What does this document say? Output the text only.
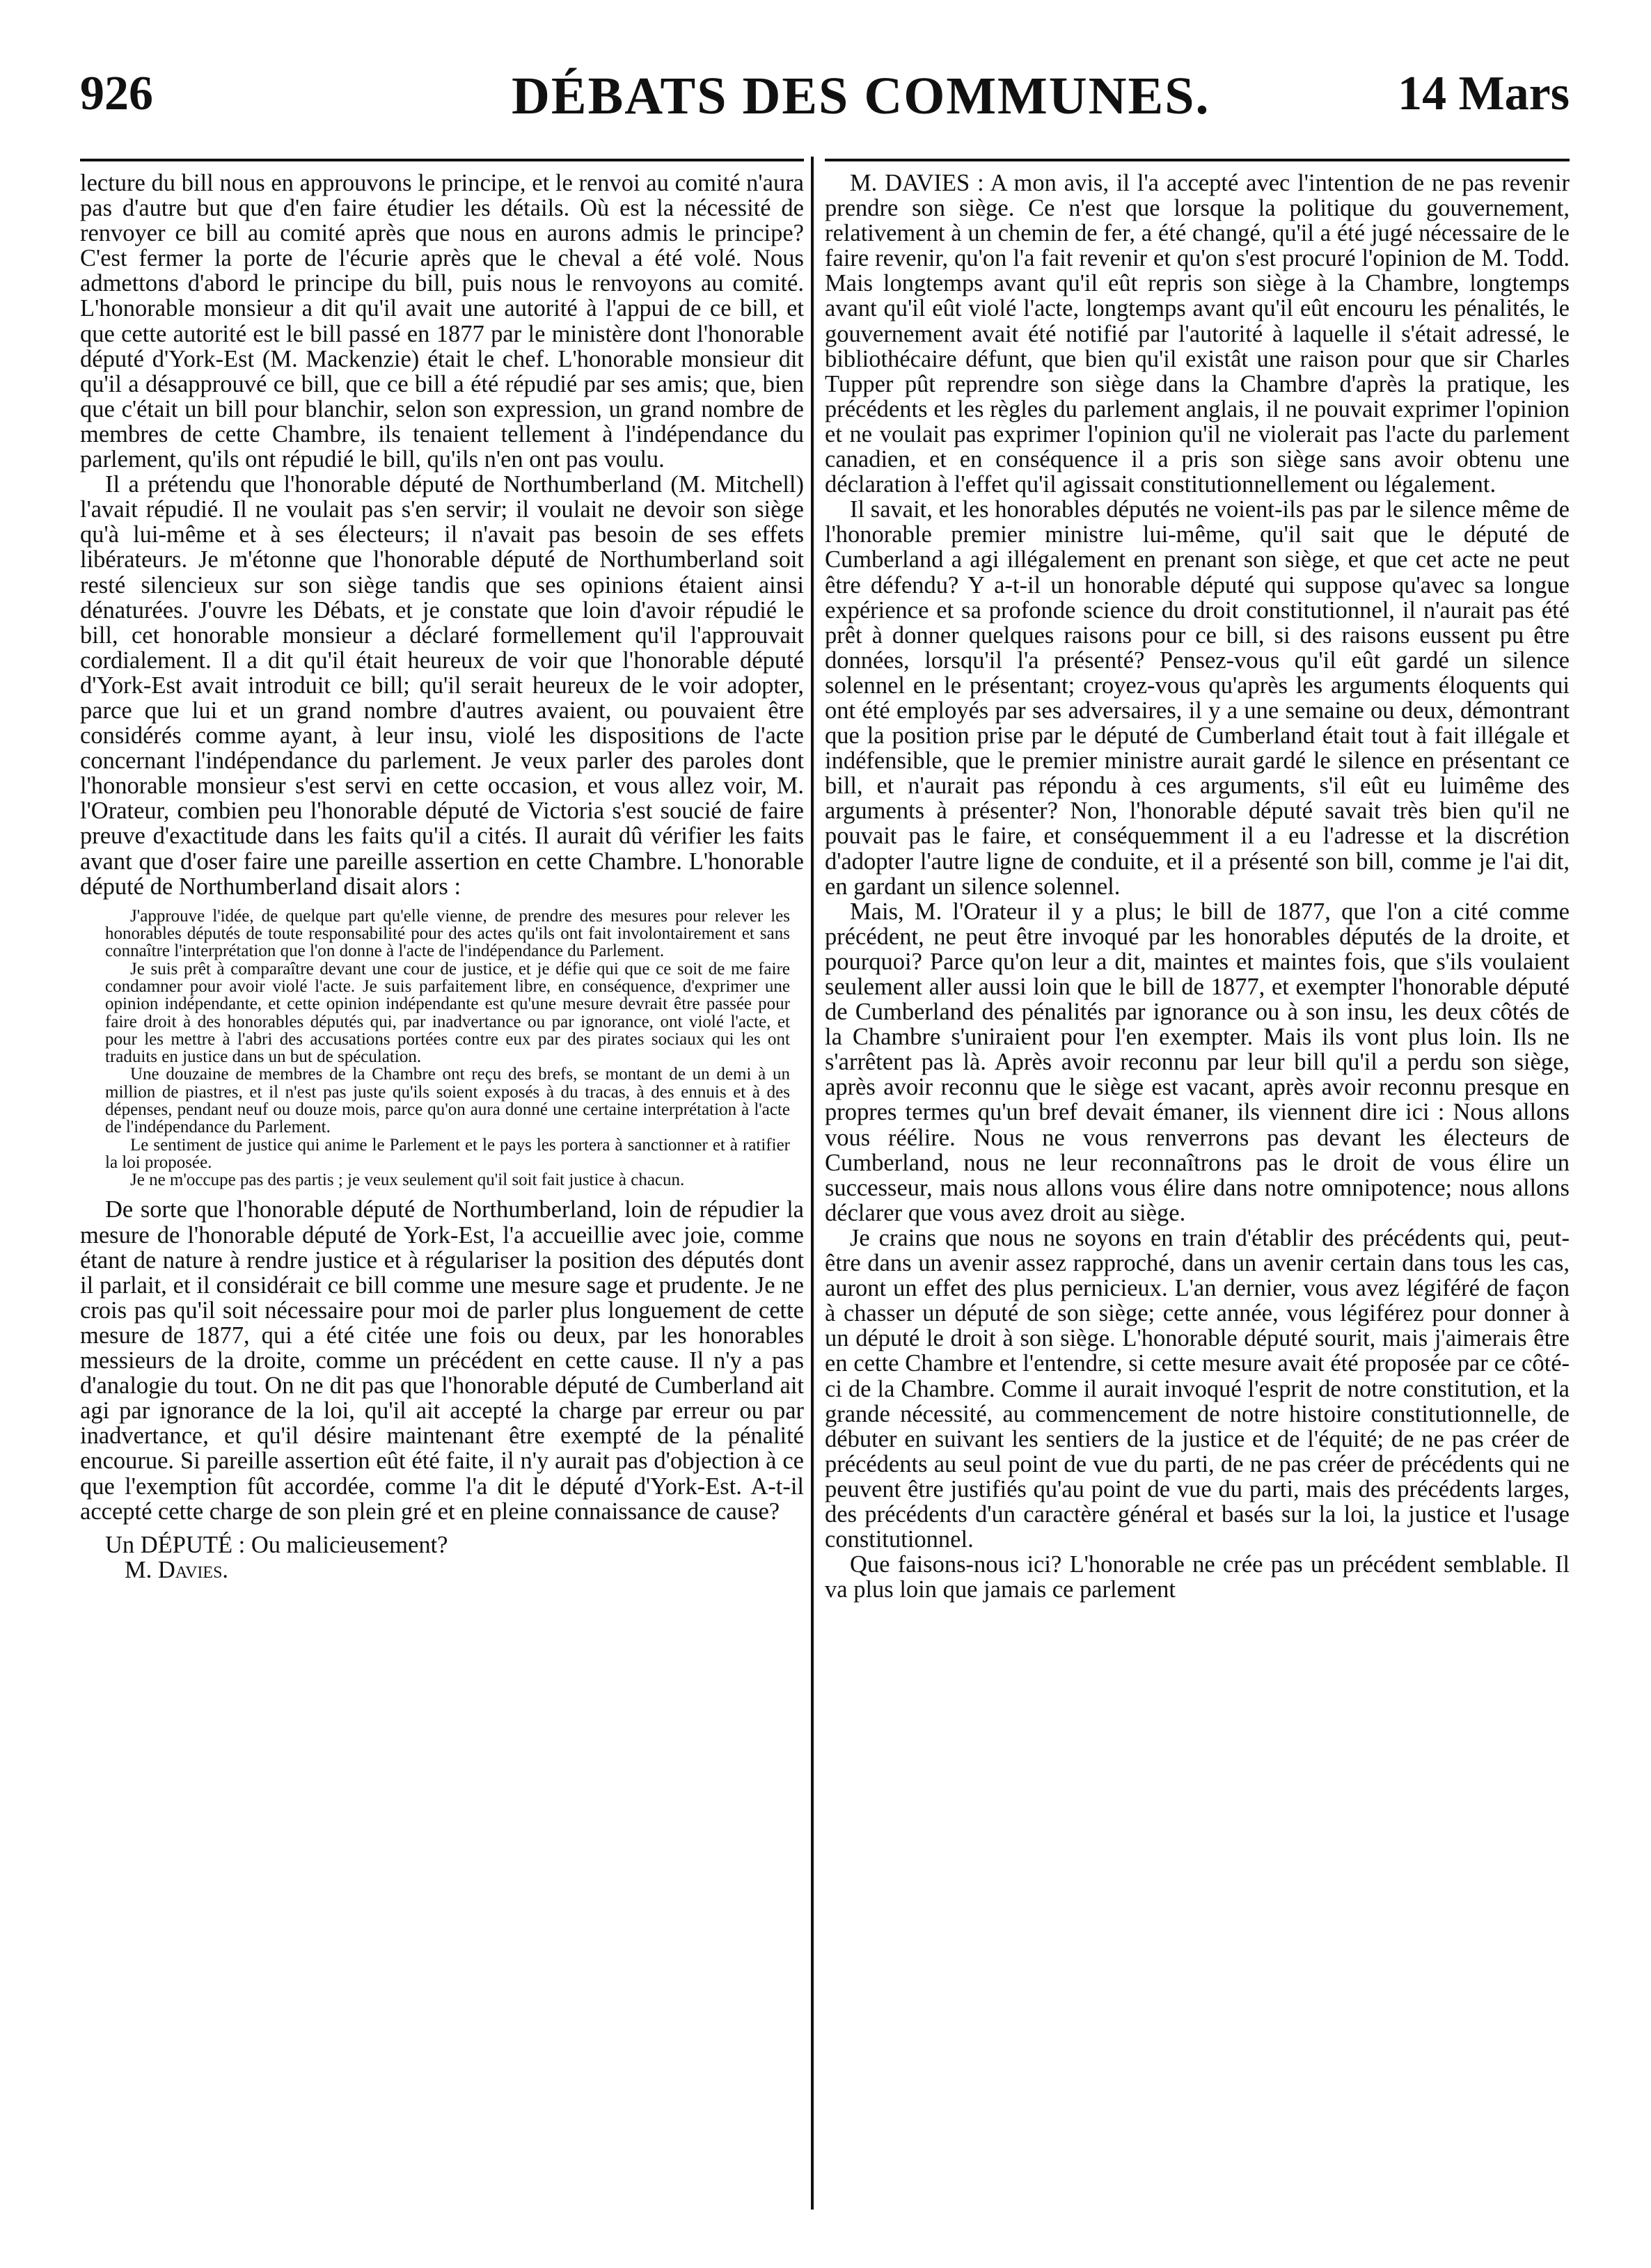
926	DÉBATS DES COMMUNES.	14 Mars

lecture du bill nous en approuvons le principe, et le renvoi au comité n'aura pas d'autre but que d'en faire étudier les détails. Où est la nécessité de renvoyer ce bill au comité après que nous en aurons admis le principe? C'est fermer la porte de l'écurie après que le cheval a été volé. Nous admettons d'abord le principe du bill, puis nous le renvoyons au comité. L'honorable monsieur a dit qu'il avait une autorité à l'appui de ce bill, et que cette autorité est le bill passé en 1877 par le ministère dont l'honorable député d'York-Est (M. Mackenzie) était le chef. L'honorable monsieur dit qu'il a désapprouvé ce bill, que ce bill a été répudié par ses amis; que, bien que c'était un bill pour blanchir, selon son expression, un grand nombre de membres de cette Chambre, ils tenaient tellement à l'indépendance du parlement, qu'ils ont répudié le bill, qu'ils n'en ont pas voulu.

Il a prétendu que l'honorable député de Northumberland (M. Mitchell) l'avait répudié. Il ne voulait pas s'en servir; il voulait ne devoir son siège qu'à lui-même et à ses électeurs; il n'avait pas besoin de ses effets libérateurs. Je m'étonne que l'honorable député de Northumberland soit resté silencieux sur son siège tandis que ses opinions étaient ainsi dénaturées. J'ouvre les Débats, et je constate que loin d'avoir répudié le bill, cet honorable monsieur a déclaré formellement qu'il l'approuvait cordialement. Il a dit qu'il était heureux de voir que l'honorable député d'York-Est avait introduit ce bill; qu'il serait heureux de le voir adopter, parce que lui et un grand nombre d'autres avaient, ou pouvaient être considérés comme ayant, à leur insu, violé les dispositions de l'acte concernant l'indépendance du parlement. Je veux parler des paroles dont l'honorable monsieur s'est servi en cette occasion, et vous allez voir, M. l'Orateur, combien peu l'honorable député de Victoria s'est soucié de faire preuve d'exactitude dans les faits qu'il a cités. Il aurait dû vérifier les faits avant que d'oser faire une pareille assertion en cette Chambre. L'honorable député de Northumberland disait alors :

J'approuve l'idée, de quelque part qu'elle vienne, de prendre des mesures pour relever les honorables députés de toute responsabilité pour des actes qu'ils ont fait involontairement et sans connaître l'interprétation que l'on donne à l'acte de l'indépendance du Parlement.

Je suis prêt à comparaître devant une cour de justice, et je défie qui que ce soit de me faire condamner pour avoir violé l'acte. Je suis parfaitement libre, en conséquence, d'exprimer une opinion indépendante, et cette opinion indépendante est qu'une mesure devrait être passée pour faire droit à des honorables députés qui, par inadvertance ou par ignorance, ont violé l'acte, et pour les mettre à l'abri des accusations portées contre eux par des pirates sociaux qui les ont traduits en justice dans un but de spéculation.

Une douzaine de membres de la Chambre ont reçu des brefs, se montant de un demi à un million de piastres, et il n'est pas juste qu'ils soient exposés à du tracas, à des ennuis et à des dépenses, pendant neuf ou douze mois, parce qu'on aura donné une certaine interprétation à l'acte de l'indépendance du Parlement.

Le sentiment de justice qui anime le Parlement et le pays les portera à sanctionner et à ratifier la loi proposée.

Je ne m'occupe pas des partis ; je veux seulement qu'il soit fait justice à chacun.

De sorte que l'honorable député de Northumberland, loin de répudier la mesure de l'honorable député de York-Est, l'a accueillie avec joie, comme étant de nature à rendre justice et à régulariser la position des députés dont il parlait, et il considérait ce bill comme une mesure sage et prudente. Je ne crois pas qu'il soit nécessaire pour moi de parler plus longuement de cette mesure de 1877, qui a été citée une fois ou deux, par les honorables messieurs de la droite, comme un précédent en cette cause. Il n'y a pas d'analogie du tout. On ne dit pas que l'honorable député de Cumberland ait agi par ignorance de la loi, qu'il ait accepté la charge par erreur ou par inadvertance, et qu'il désire maintenant être exempté de la pénalité encourue. Si pareille assertion eût été faite, il n'y aurait pas d'objection à ce que l'exemption fût accordée, comme l'a dit le député d'York-Est. A-t-il accepté cette charge de son plein gré et en pleine connaissance de cause?

Un DÉPUTÉ : Ou malicieusement?

M. Davies.

M. DAVIES : A mon avis, il l'a accepté avec l'intention de ne pas revenir prendre son siège. Ce n'est que lorsque la politique du gouvernement, relativement à un chemin de fer, a été changé, qu'il a été jugé nécessaire de le faire revenir, qu'on l'a fait revenir et qu'on s'est procuré l'opinion de M. Todd. Mais longtemps avant qu'il eût repris son siège à la Chambre, longtemps avant qu'il eût violé l'acte, longtemps avant qu'il eût encouru les pénalités, le gouvernement avait été notifié par l'autorité à laquelle il s'était adressé, le bibliothécaire défunt, que bien qu'il existât une raison pour que sir Charles Tupper pût reprendre son siège dans la Chambre d'après la pratique, les précédents et les règles du parlement anglais, il ne pouvait exprimer l'opinion et ne voulait pas exprimer l'opinion qu'il ne violerait pas l'acte du parlement canadien, et en conséquence il a pris son siège sans avoir obtenu une déclaration à l'effet qu'il agissait constitutionnellement ou légalement.

Il savait, et les honorables députés ne voient-ils pas par le silence même de l'honorable premier ministre lui-même, qu'il sait que le député de Cumberland a agi illégalement en prenant son siège, et que cet acte ne peut être défendu? Y a-t-il un honorable député qui suppose qu'avec sa longue expérience et sa profonde science du droit constitutionnel, il n'aurait pas été prêt à donner quelques raisons pour ce bill, si des raisons eussent pu être données, lorsqu'il l'a présenté? Pensez-vous qu'il eût gardé un silence solennel en le présentant; croyez-vous qu'après les arguments éloquents qui ont été employés par ses adversaires, il y a une semaine ou deux, démontrant que la position prise par le député de Cumberland était tout à fait illégale et indéfensible, que le premier ministre aurait gardé le silence en présentant ce bill, et n'aurait pas répondu à ces arguments, s'il eût eu luimême des arguments à présenter? Non, l'honorable député savait très bien qu'il ne pouvait pas le faire, et conséquemment il a eu l'adresse et la discrétion d'adopter l'autre ligne de conduite, et il a présenté son bill, comme je l'ai dit, en gardant un silence solennel.

Mais, M. l'Orateur il y a plus; le bill de 1877, que l'on a cité comme précédent, ne peut être invoqué par les honorables députés de la droite, et pourquoi? Parce qu'on leur a dit, maintes et maintes fois, que s'ils voulaient seulement aller aussi loin que le bill de 1877, et exempter l'honorable député de Cumberland des pénalités par ignorance ou à son insu, les deux côtés de la Chambre s'uniraient pour l'en exempter. Mais ils vont plus loin. Ils ne s'arrêtent pas là. Après avoir reconnu par leur bill qu'il a perdu son siège, après avoir reconnu que le siège est vacant, après avoir reconnu presque en propres termes qu'un bref devait émaner, ils viennent dire ici : Nous allons vous réélire. Nous ne vous renverrons pas devant les électeurs de Cumberland, nous ne leur reconnaîtrons pas le droit de vous élire un successeur, mais nous allons vous élire dans notre omnipotence; nous allons déclarer que vous avez droit au siège.

Je crains que nous ne soyons en train d'établir des précédents qui, peut-être dans un avenir assez rapproché, dans un avenir certain dans tous les cas, auront un effet des plus pernicieux. L'an dernier, vous avez légiféré de façon à chasser un député de son siège; cette année, vous légiférez pour donner à un député le droit à son siège. L'honorable député sourit, mais j'aimerais être en cette Chambre et l'entendre, si cette mesure avait été proposée par ce côté-ci de la Chambre. Comme il aurait invoqué l'esprit de notre constitution, et la grande nécessité, au commencement de notre histoire constitutionnelle, de débuter en suivant les sentiers de la justice et de l'équité; de ne pas créer de précédents au seul point de vue du parti, de ne pas créer de précédents qui ne peuvent être justifiés qu'au point de vue du parti, mais des précédents larges, des précédents d'un caractère général et basés sur la loi, la justice et l'usage constitutionnel.

Que faisons-nous ici? L'honorable ne crée pas un précédent semblable. Il va plus loin que jamais ce parlement
